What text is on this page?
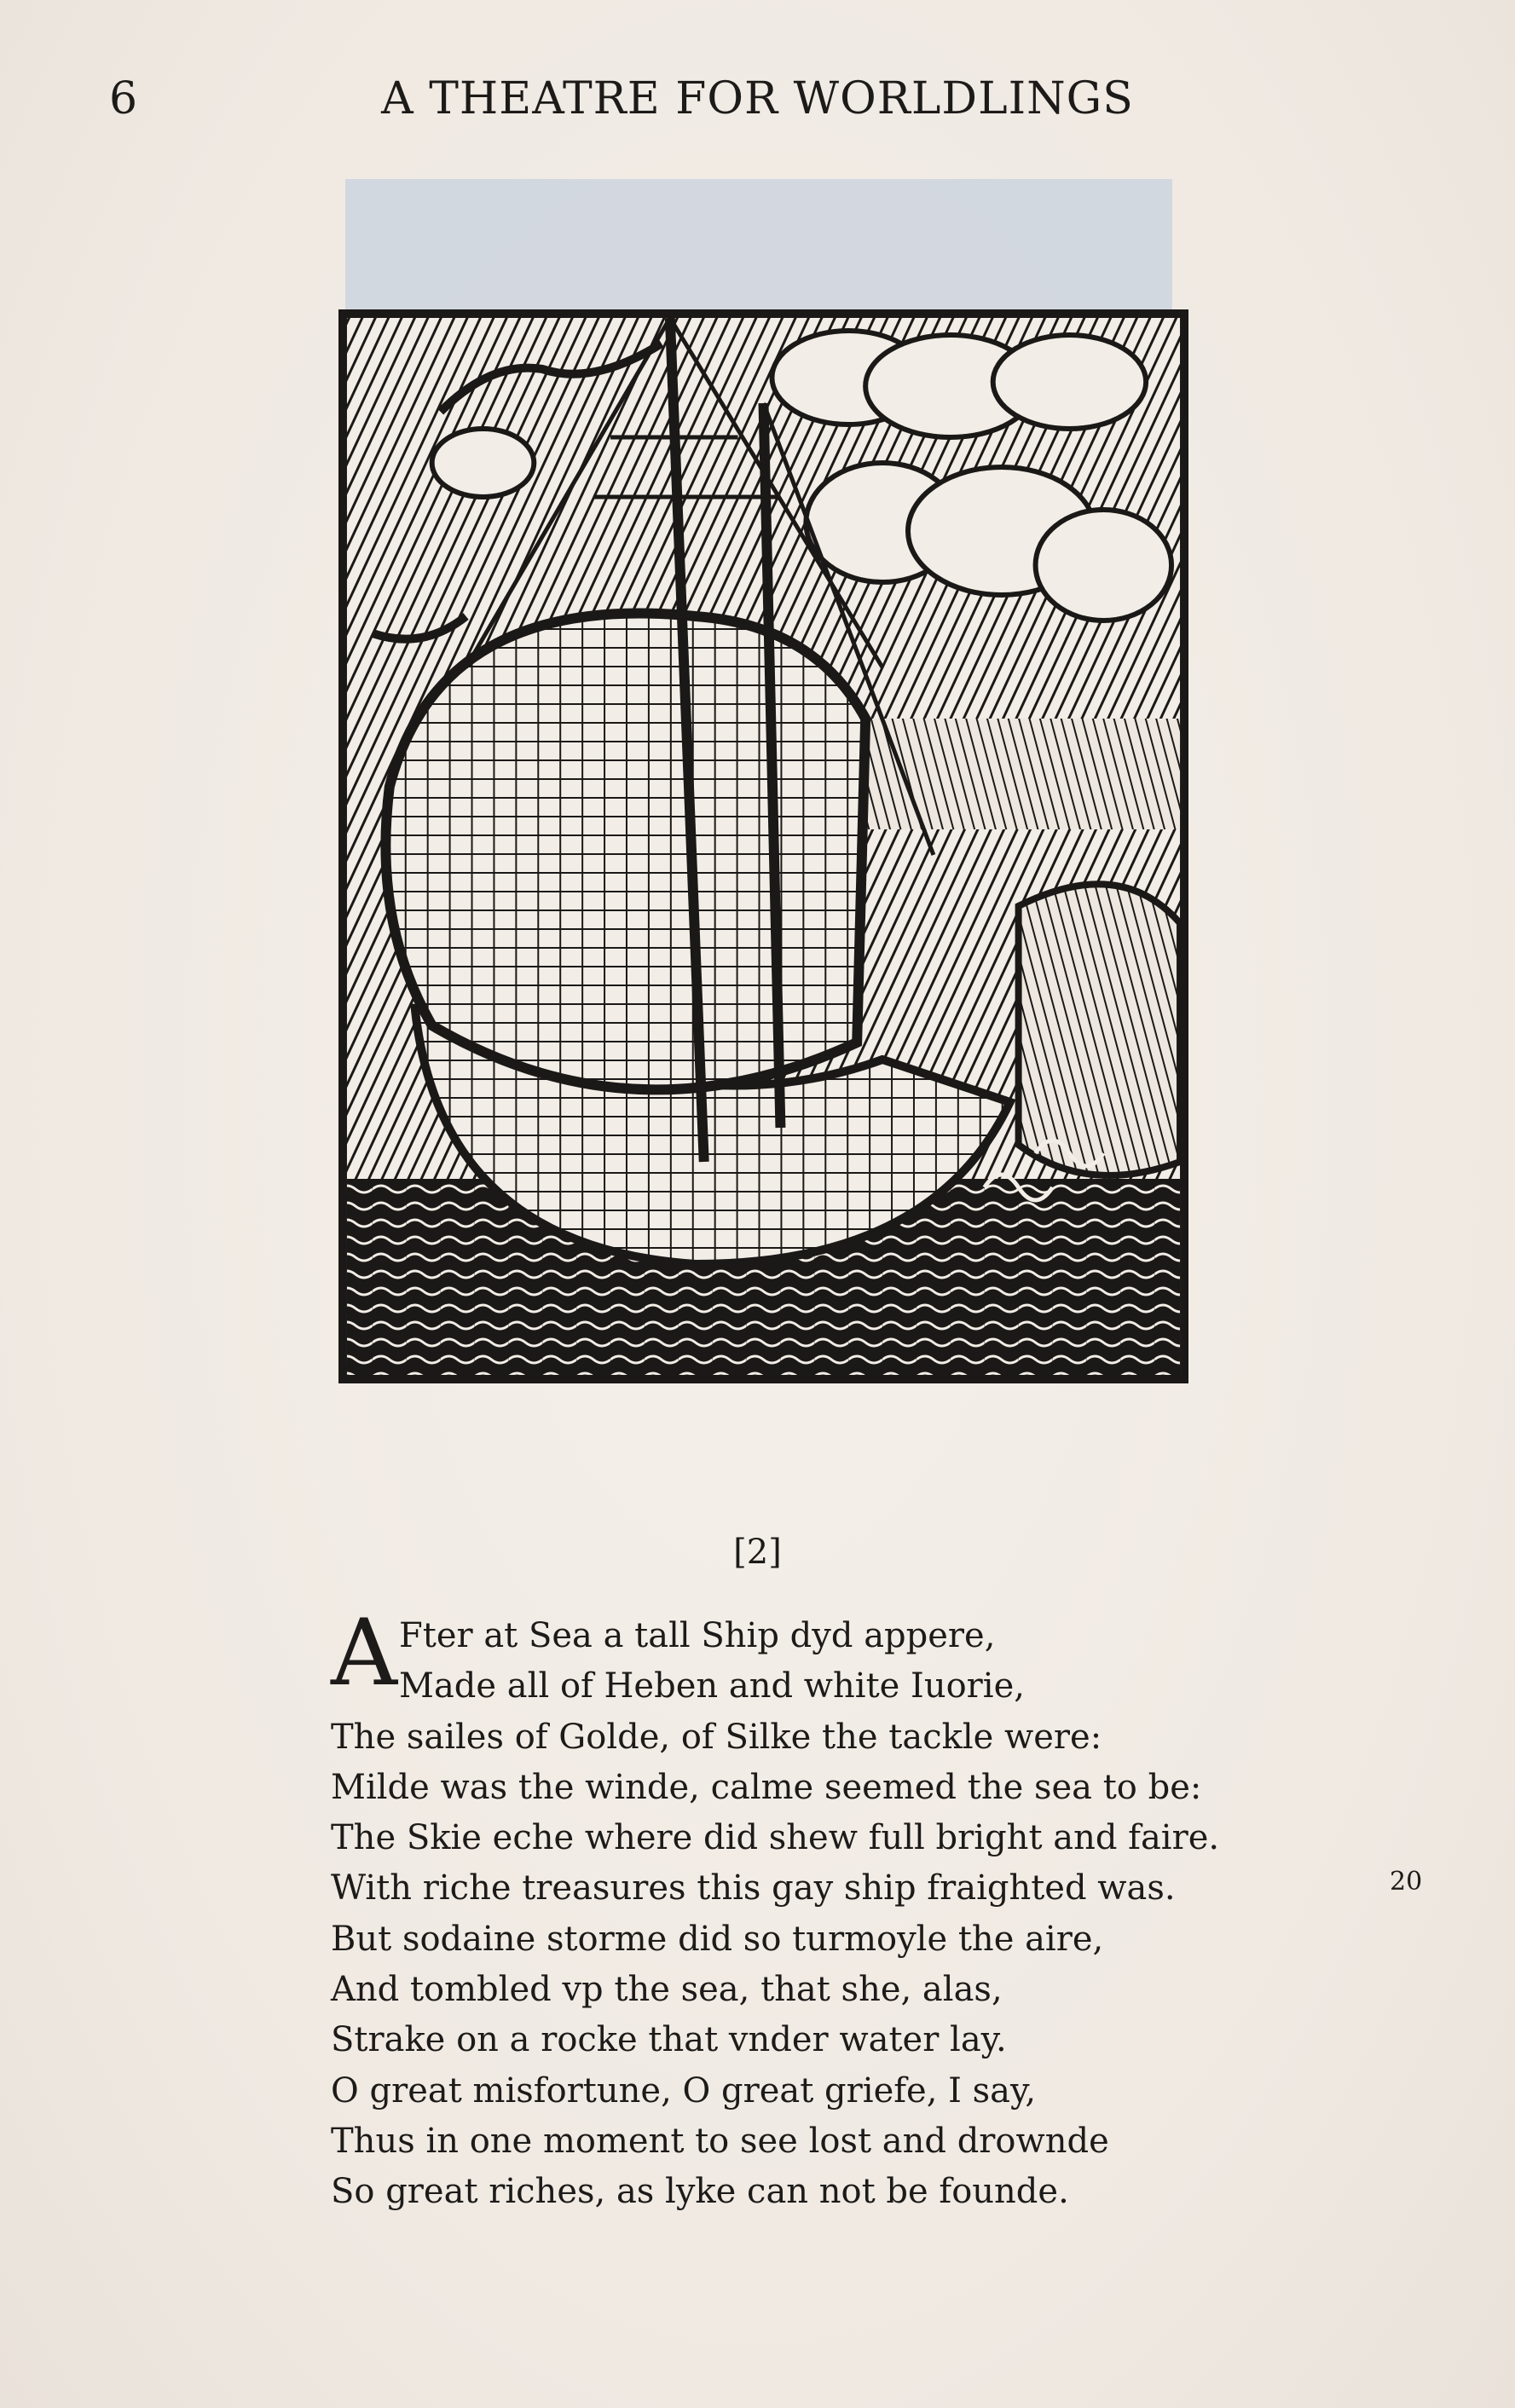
6	A THEATRE FOR WORLDLINGS
[2]
A Fter at Sea a tall Ship dyd appere,
Made all of Heben and white Iuorie,
The sailes of Golde, of Silke the tackle were:
Milde was the winde, calme seemed the sea to be:
The Skie eche where did shew full bright and faire.
With riche treasures this gay ship fraighted was.
But sodaine storme did so turmoyle the aire,
And tombled vp the sea, that she, alas,
Strake on a rocke that vnder water lay.
O great misfortune, O great griefe, I say,
Thus in one moment to see lost and drownde
So great riches, as lyke can not be founde.
20
